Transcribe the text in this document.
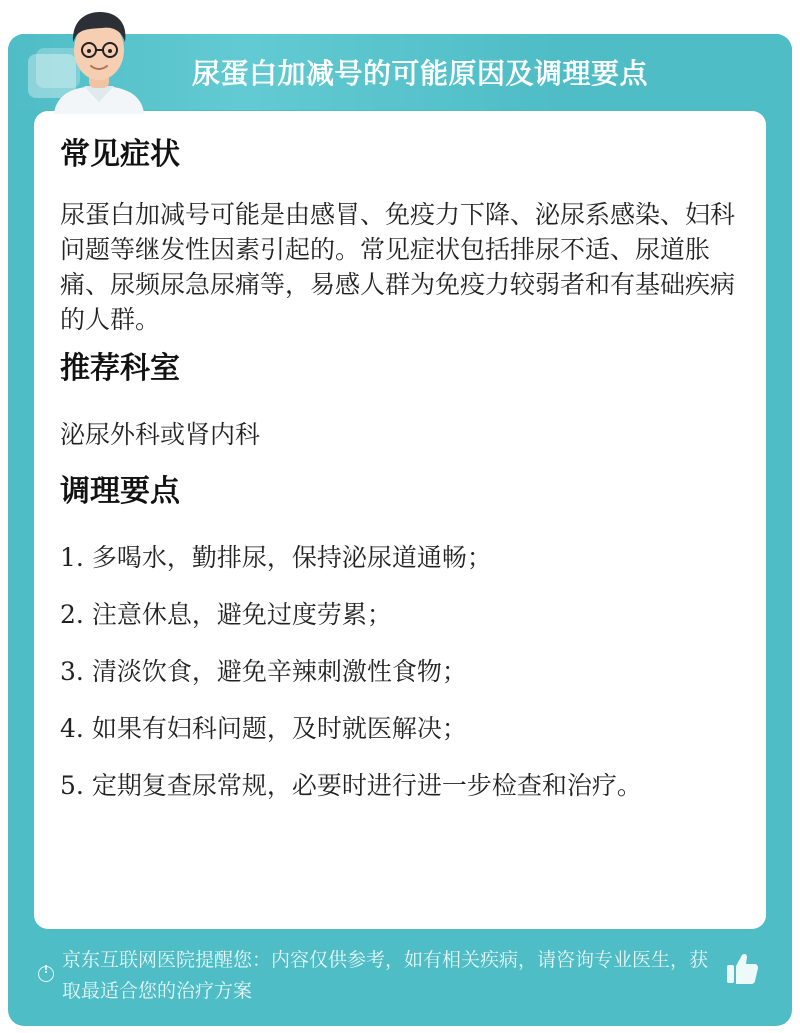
尿蛋白加减号的可能原因及调理要点
常见症状

尿蛋白加减号可能是由感冒、免疫力下降、泌尿系感染、妇科问题等继发性因素引起的。常见症状包括排尿不适、尿道胀痛、尿频尿急尿痛等，易感人群为免疫力较弱者和有基础疾病的人群。

推荐科室

泌尿外科或肾内科

调理要点

1. 多喝水，勤排尿，保持泌尿道通畅；

2. 注意休息，避免过度劳累；

3. 清淡饮食，避免辛辣刺激性食物；

4. 如果有妇科问题，及时就医解决；

5. 定期复查尿常规，必要时进行进一步检查和治疗。

!
京东互联网医院提醒您：内容仅供参考，如有相关疾病，请咨询专业医生，获取最适合您的治疗方案
